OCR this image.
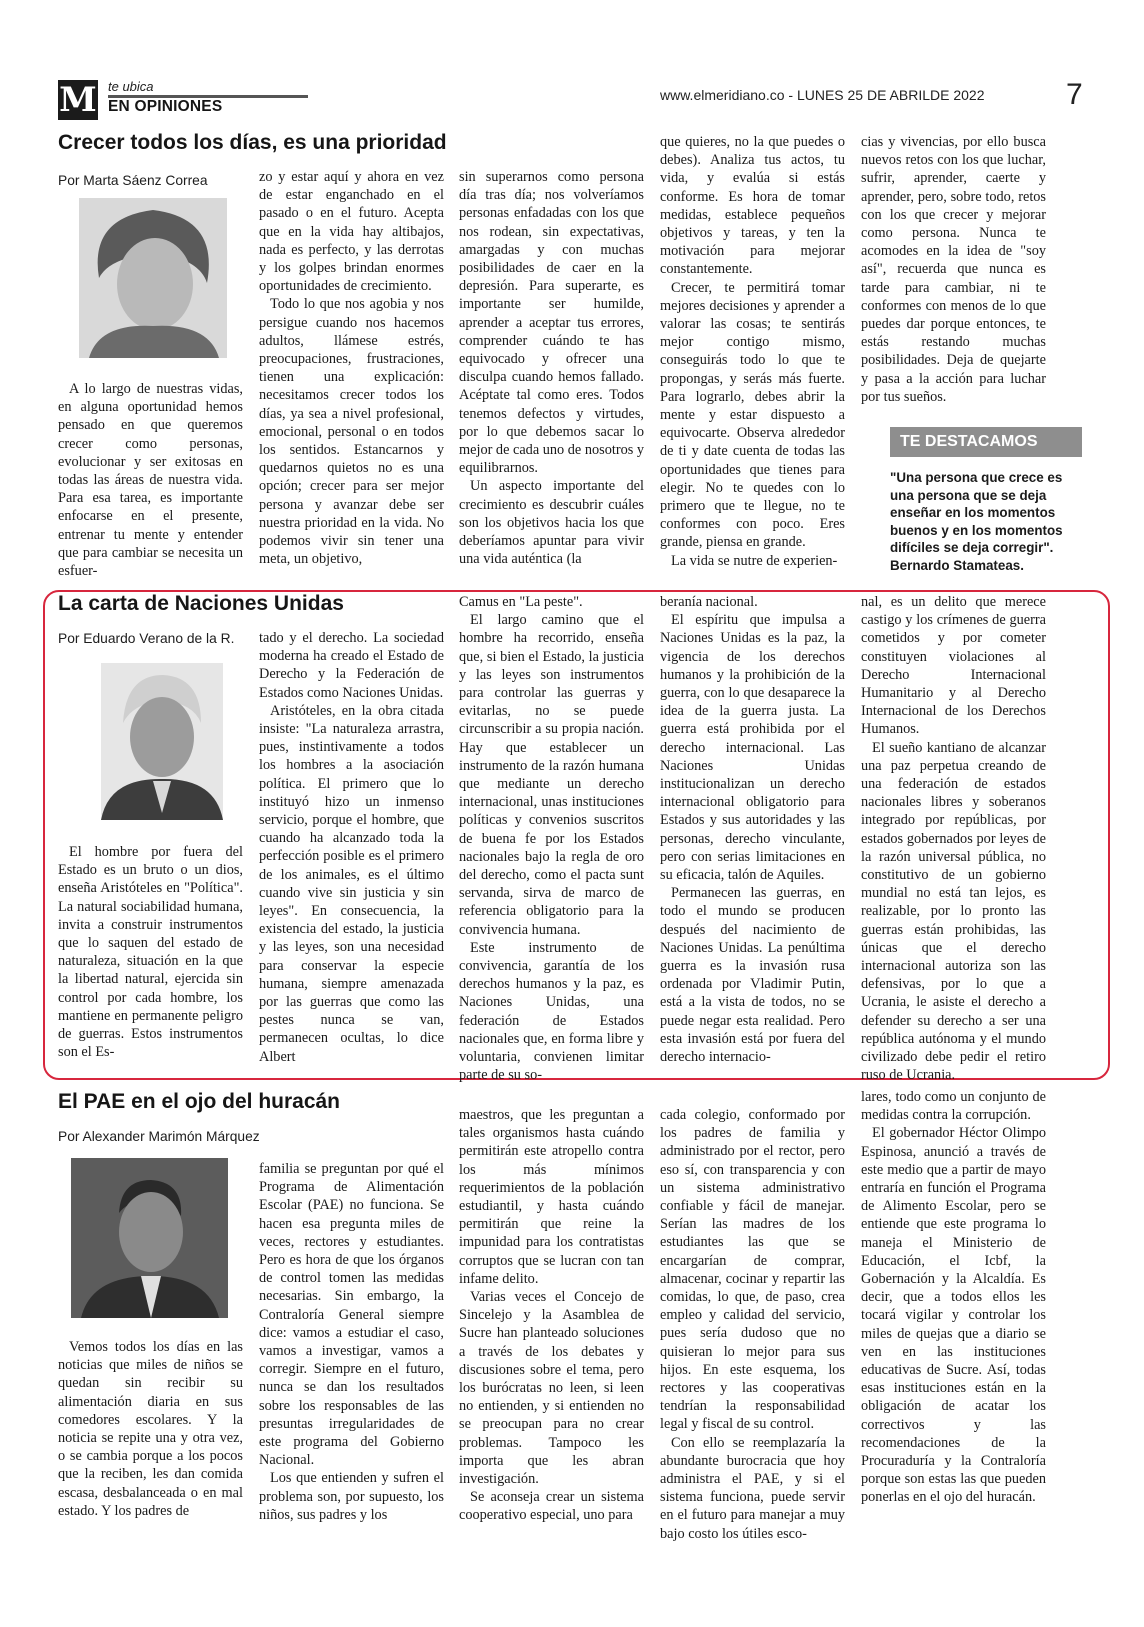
M te ubica
EN OPINIONES
www.elmeridiano.co - LUNES 25 DE ABRILDE 2022	7
Crecer todos los días, es una prioridad
Por Marta Sáenz Correa

A lo largo de nuestras vidas, en alguna oportunidad hemos pensado en que queremos crecer como personas, evolucionar y ser exitosas en todas las áreas de nuestra vida. Para esa tarea, es importante enfocarse en el presente, entrenar tu mente y entender que para cambiar se necesita un esfuer-

zo y estar aquí y ahora en vez de estar enganchado en el pasado o en el futuro. Acepta que en la vida hay altibajos, nada es perfecto, y las derrotas y los golpes brindan enormes oportunidades de crecimiento.

Todo lo que nos agobia y nos persigue cuando nos hacemos adultos, llámese estrés, preocupaciones, frustraciones, tienen una explicación: necesitamos crecer todos los días, ya sea a nivel profesional, emocional, personal o en todos los sentidos. Estancarnos y quedarnos quietos no es una opción; crecer para ser mejor persona y avanzar debe ser nuestra prioridad en la vida. No podemos vivir sin tener una meta, un objetivo,

sin superarnos como persona día tras día; nos volveríamos personas enfadadas con los que nos rodean, sin expectativas, amargadas y con muchas posibilidades de caer en la depresión. Para superarte, es importante ser humilde, aprender a aceptar tus errores, comprender cuándo te has equivocado y ofrecer una disculpa cuando hemos fallado. Acéptate tal como eres. Todos tenemos defectos y virtudes, por lo que debemos sacar lo mejor de cada uno de nosotros y equilibrarnos.

Un aspecto importante del crecimiento es descubrir cuáles son los objetivos hacia los que deberíamos apuntar para vivir una vida auténtica (la

que quieres, no la que puedes o debes). Analiza tus actos, tu vida, y evalúa si estás conforme. Es hora de tomar medidas, establece pequeños objetivos y tareas, y ten la motivación para mejorar constantemente.

Crecer, te permitirá tomar mejores decisiones y aprender a valorar las cosas; te sentirás mejor contigo mismo, conseguirás todo lo que te propongas, y serás más fuerte. Para lograrlo, debes abrir la mente y estar dispuesto a equivocarte. Observa alrededor de ti y date cuenta de todas las oportunidades que tienes para elegir. No te quedes con lo primero que te llegue, no te conformes con poco. Eres grande, piensa en grande.

La vida se nutre de experien-

cias y vivencias, por ello busca nuevos retos con los que luchar, sufrir, aprender, caerte y aprender, pero, sobre todo, retos con los que crecer y mejorar como persona. Nunca te acomodes en la idea de "soy así", recuerda que nunca es tarde para cambiar, ni te conformes con menos de lo que puedes dar porque entonces, te estás restando muchas posibilidades. Deja de quejarte y pasa a la acción para luchar por tus sueños.

TE DESTACAMOS
"Una persona que crece es una persona que se deja enseñar en los momentos buenos y en los momentos difíciles se deja corregir".
Bernardo Stamateas.
La carta de Naciones Unidas
Por Eduardo Verano de la R.

El hombre por fuera del Estado es un bruto o un dios, enseña Aristóteles en "Política". La natural sociabilidad humana, invita a construir instrumentos que lo saquen del estado de naturaleza, situación en la que la libertad natural, ejercida sin control por cada hombre, los mantiene en permanente peligro de guerras. Estos instrumentos son el Es-

tado y el derecho. La sociedad moderna ha creado el Estado de Derecho y la Federación de Estados como Naciones Unidas.

Aristóteles, en la obra citada insiste: "La naturaleza arrastra, pues, instintivamente a todos los hombres a la asociación política. El primero que lo instituyó hizo un inmenso servicio, porque el hombre, que cuando ha alcanzado toda la perfección posible es el primero de los animales, es el último cuando vive sin justicia y sin leyes". En consecuencia, la existencia del estado, la justicia y las leyes, son una necesidad para conservar la especie humana, siempre amenazada por las guerras que como las pestes nunca se van, permanecen ocultas, lo dice Albert

Camus en "La peste".

El largo camino que el hombre ha recorrido, enseña que, si bien el Estado, la justicia y las leyes son instrumentos para controlar las guerras y evitarlas, no se puede circunscribir a su propia nación. Hay que establecer un instrumento de la razón humana que mediante un derecho internacional, unas instituciones políticas y convenios suscritos de buena fe por los Estados nacionales bajo la regla de oro del derecho, como el pacta sunt servanda, sirva de marco de referencia obligatorio para la convivencia humana.

Este instrumento de convivencia, garantía de los derechos humanos y la paz, es Naciones Unidas, una federación de Estados nacionales que, en forma libre y voluntaria, convienen limitar parte de su so-

beranía nacional.

El espíritu que impulsa a Naciones Unidas es la paz, la vigencia de los derechos humanos y la prohibición de la guerra, con lo que desaparece la idea de la guerra justa. La guerra está prohibida por el derecho internacional. Las Naciones Unidas institucionalizan un derecho internacional obligatorio para Estados y sus autoridades y las personas, derecho vinculante, pero con serias limitaciones en su eficacia, talón de Aquiles.

Permanecen las guerras, en todo el mundo se producen después del nacimiento de Naciones Unidas. La penúltima guerra es la invasión rusa ordenada por Vladimir Putin, está a la vista de todos, no se puede negar esta realidad. Pero esta invasión está por fuera del derecho internacio-

nal, es un delito que merece castigo y los crímenes de guerra cometidos y por cometer constituyen violaciones al Derecho Internacional Humanitario y al Derecho Internacional de los Derechos Humanos.

El sueño kantiano de alcanzar una paz perpetua creando de una federación de estados nacionales libres y soberanos integrado por repúblicas, por estados gobernados por leyes de la razón universal pública, no constitutivo de un gobierno mundial no está tan lejos, es realizable, por lo pronto las guerras están prohibidas, las únicas que el derecho internacional autoriza son las defensivas, por lo que a Ucrania, le asiste el derecho a defender su derecho a ser una república autónoma y el mundo civilizado debe pedir el retiro ruso de Ucrania.

El PAE en el ojo del huracán
Por Alexander Marimón Márquez

Vemos todos los días en las noticias que miles de niños se quedan sin recibir su alimentación diaria en sus comedores escolares. Y la noticia se repite una y otra vez, o se cambia porque a los pocos que la reciben, les dan comida escasa, desbalanceada o en mal estado. Y los padres de

familia se preguntan por qué el Programa de Alimentación Escolar (PAE) no funciona. Se hacen esa pregunta miles de veces, rectores y estudiantes. Pero es hora de que los órganos de control tomen las medidas necesarias. Sin embargo, la Contraloría General siempre dice: vamos a estudiar el caso, vamos a investigar, vamos a corregir. Siempre en el futuro, nunca se dan los resultados sobre los responsables de las presuntas irregularidades de este programa del Gobierno Nacional.

Los que entienden y sufren el problema son, por supuesto, los niños, sus padres y los

maestros, que les preguntan a tales organismos hasta cuándo permitirán este atropello contra los más mínimos requerimientos de la población estudiantil, y hasta cuándo permitirán que reine la impunidad para los contratistas corruptos que se lucran con tan infame delito.

Varias veces el Concejo de Sincelejo y la Asamblea de Sucre han planteado soluciones a través de los debates y discusiones sobre el tema, pero los burócratas no leen, si leen no entienden, y si entienden no se preocupan para no crear problemas. Tampoco les importa que les abran investigación.

Se aconseja crear un sistema cooperativo especial, uno para

cada colegio, conformado por los padres de familia y administrado por el rector, pero eso sí, con transparencia y con un sistema administrativo confiable y fácil de manejar. Serían las madres de los estudiantes las que se encargarían de comprar, almacenar, cocinar y repartir las comidas, lo que, de paso, crea empleo y calidad del servicio, pues sería dudoso que no quisieran lo mejor para sus hijos. En este esquema, los rectores y las cooperativas tendrían la responsabilidad legal y fiscal de su control.

Con ello se reemplazaría la abundante burocracia que hoy administra el PAE, y si el sistema funciona, puede servir en el futuro para manejar a muy bajo costo los útiles esco-

lares, todo como un conjunto de medidas contra la corrupción.

El gobernador Héctor Olimpo Espinosa, anunció a través de este medio que a partir de mayo entraría en función el Programa de Alimento Escolar, pero se entiende que este programa lo maneja el Ministerio de Educación, el Icbf, la Gobernación y la Alcaldía. Es decir, que a todos ellos les tocará vigilar y controlar los miles de quejas que a diario se ven en las instituciones educativas de Sucre. Así, todas esas instituciones están en la obligación de acatar los correctivos y las recomendaciones de la Procuraduría y la Contraloría porque son estas las que pueden ponerlas en el ojo del huracán.
